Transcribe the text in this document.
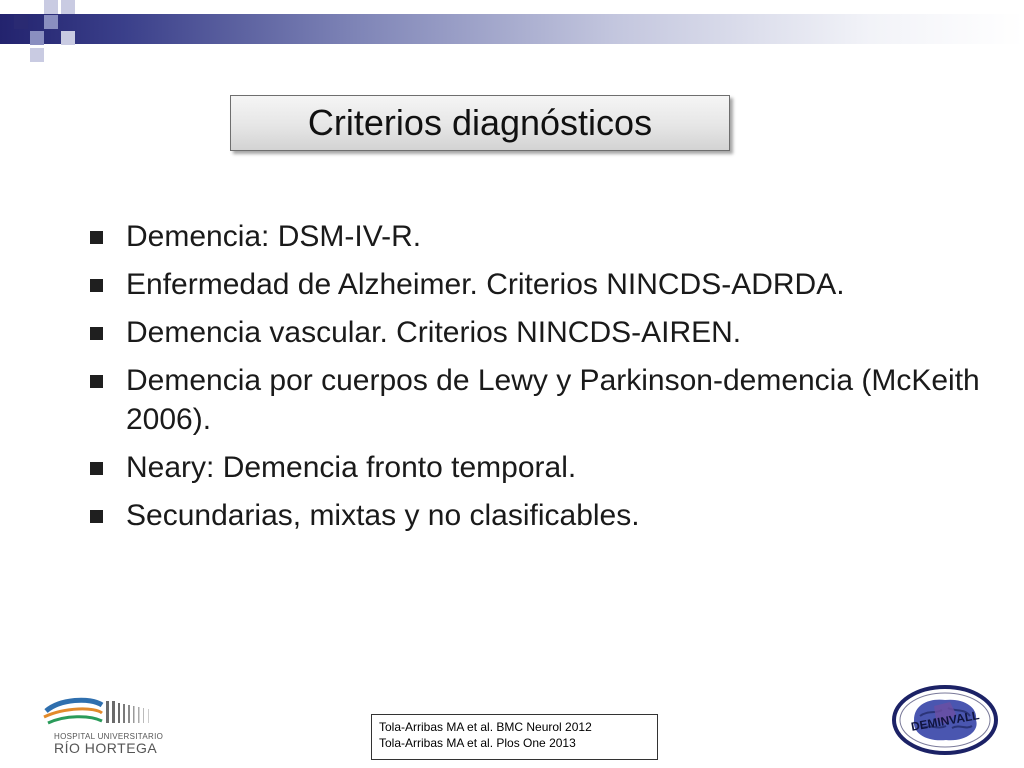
Criterios diagnósticos
Demencia: DSM-IV-R.
Enfermedad de Alzheimer. Criterios NINCDS-ADRDA.
Demencia vascular. Criterios NINCDS-AIREN.
Demencia por cuerpos de Lewy y Parkinson-demencia (McKeith 2006).
Neary: Demencia fronto temporal.
Secundarias, mixtas y no clasificables.
HOSPITAL UNIVERSITARIO
RÍO HORTEGA
Tola-Arribas MA et al. BMC Neurol 2012
Tola-Arribas MA et al. Plos One 2013
DEMINVALL
